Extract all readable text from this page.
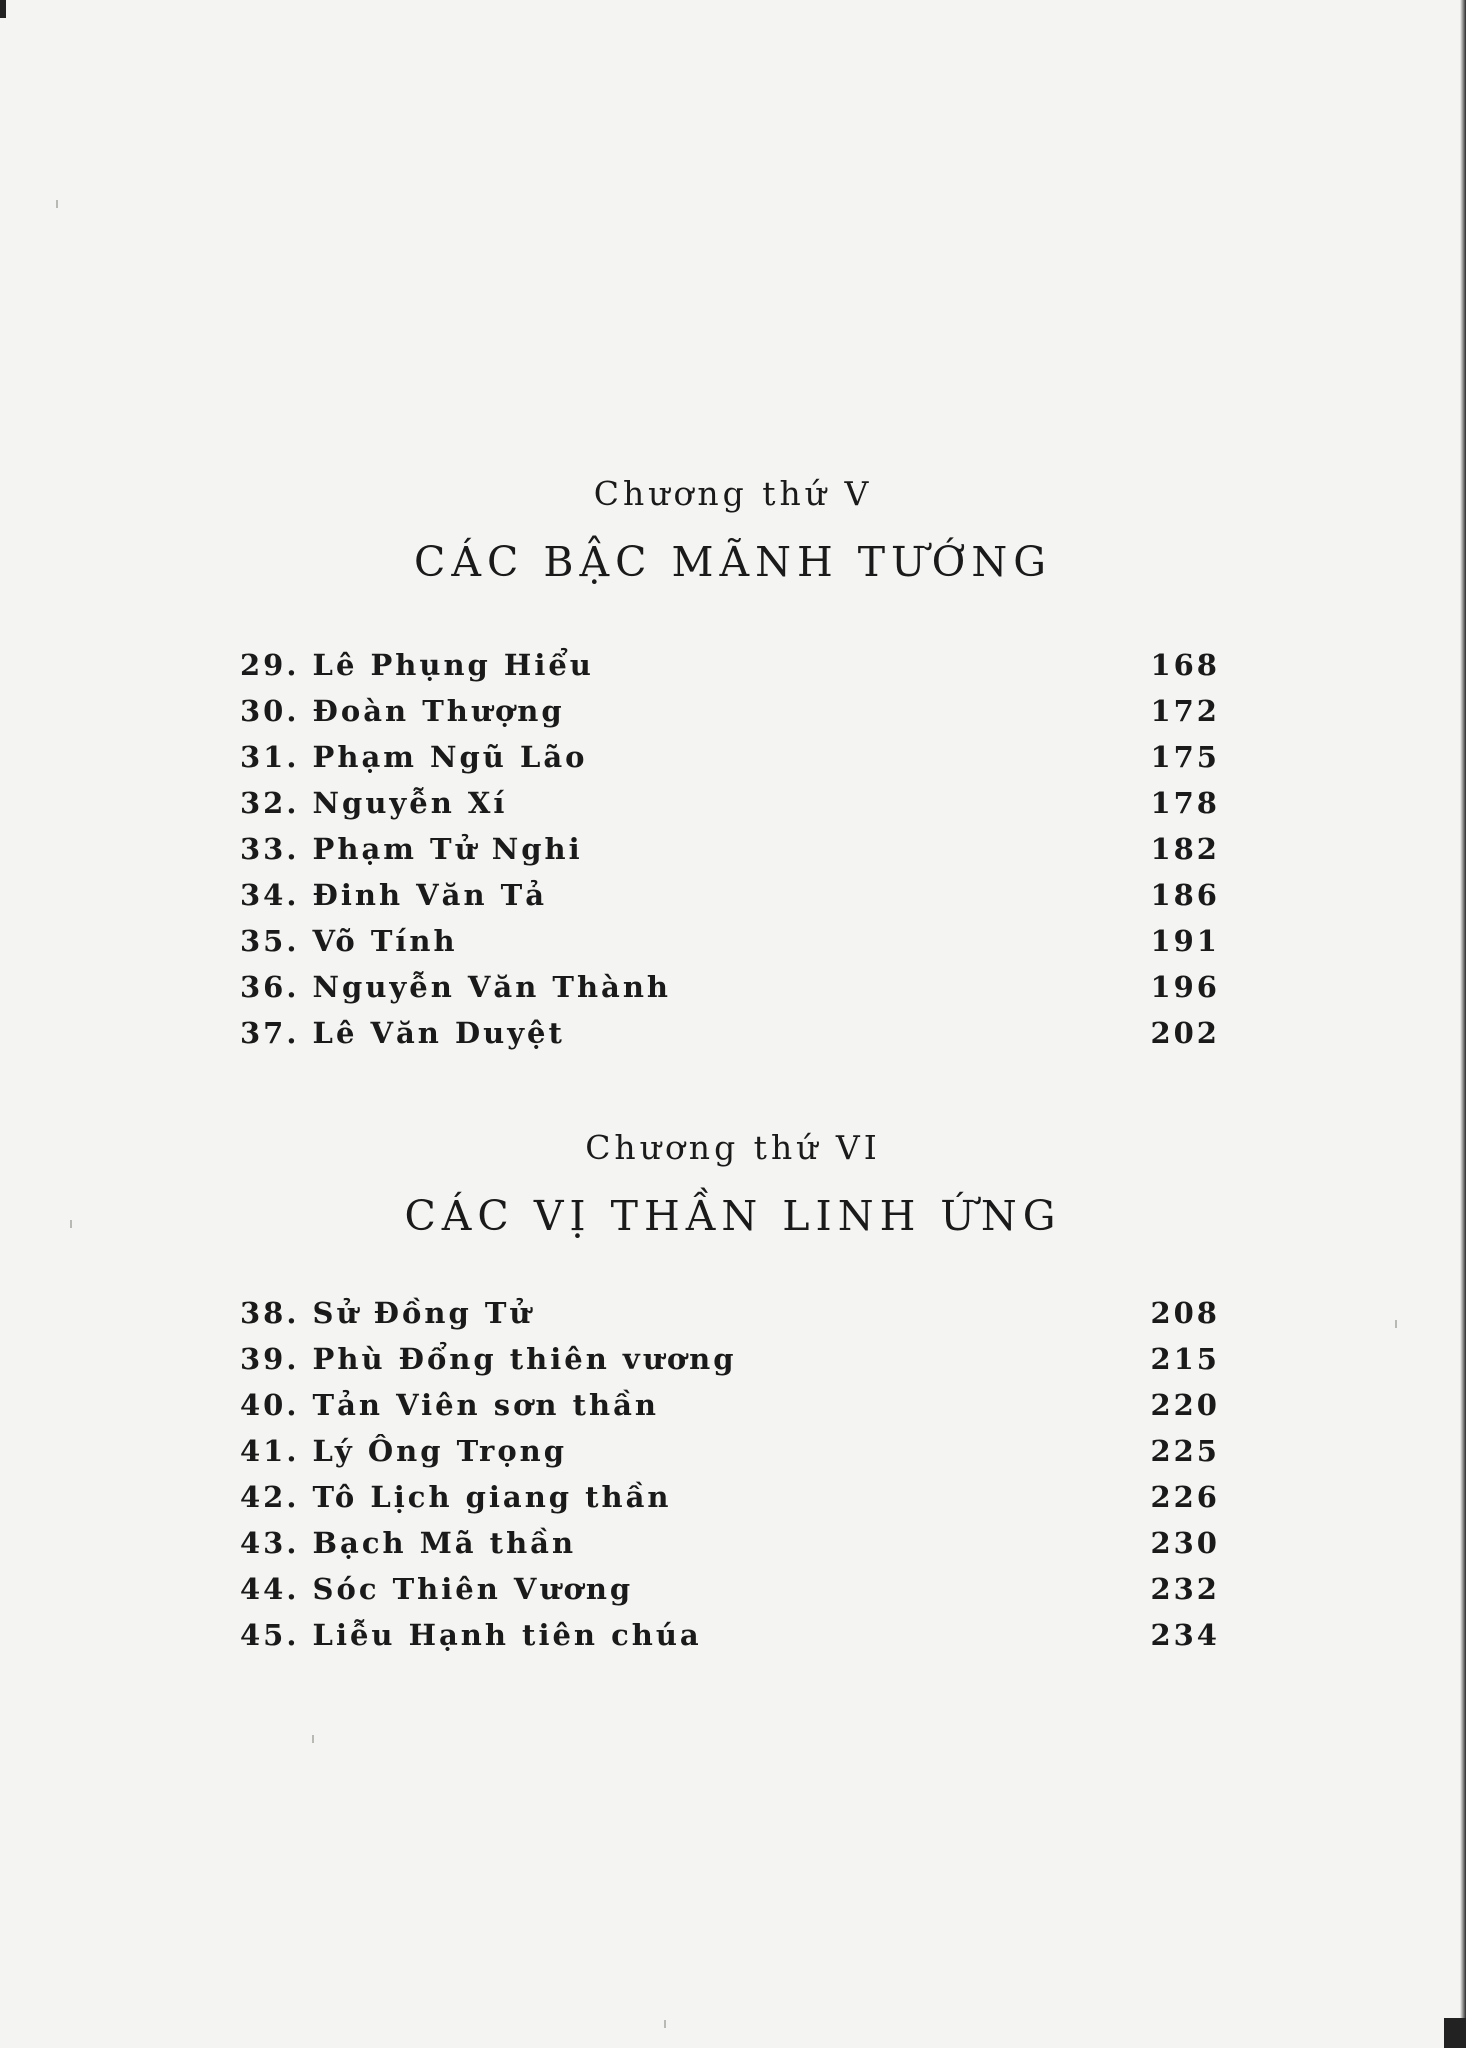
Chương thứ V
CÁC BẬC MÃNH TƯỚNG
29. Lê Phụng Hiểu	168
30. Đoàn Thượng	172
31. Phạm Ngũ Lão	175
32. Nguyễn Xí	178
33. Phạm Tử Nghi	182
34. Đinh Văn Tả	186
35. Võ Tính	191
36. Nguyễn Văn Thành	196
37. Lê Văn Duyệt	202
Chương thứ VI
CÁC VỊ THẦN LINH ỨNG
38. Sử Đồng Tử	208
39. Phù Đổng thiên vương	215
40. Tản Viên sơn thần	220
41. Lý Ông Trọng	225
42. Tô Lịch giang thần	226
43. Bạch Mã thần	230
44. Sóc Thiên Vương	232
45. Liễu Hạnh tiên chúa	234
